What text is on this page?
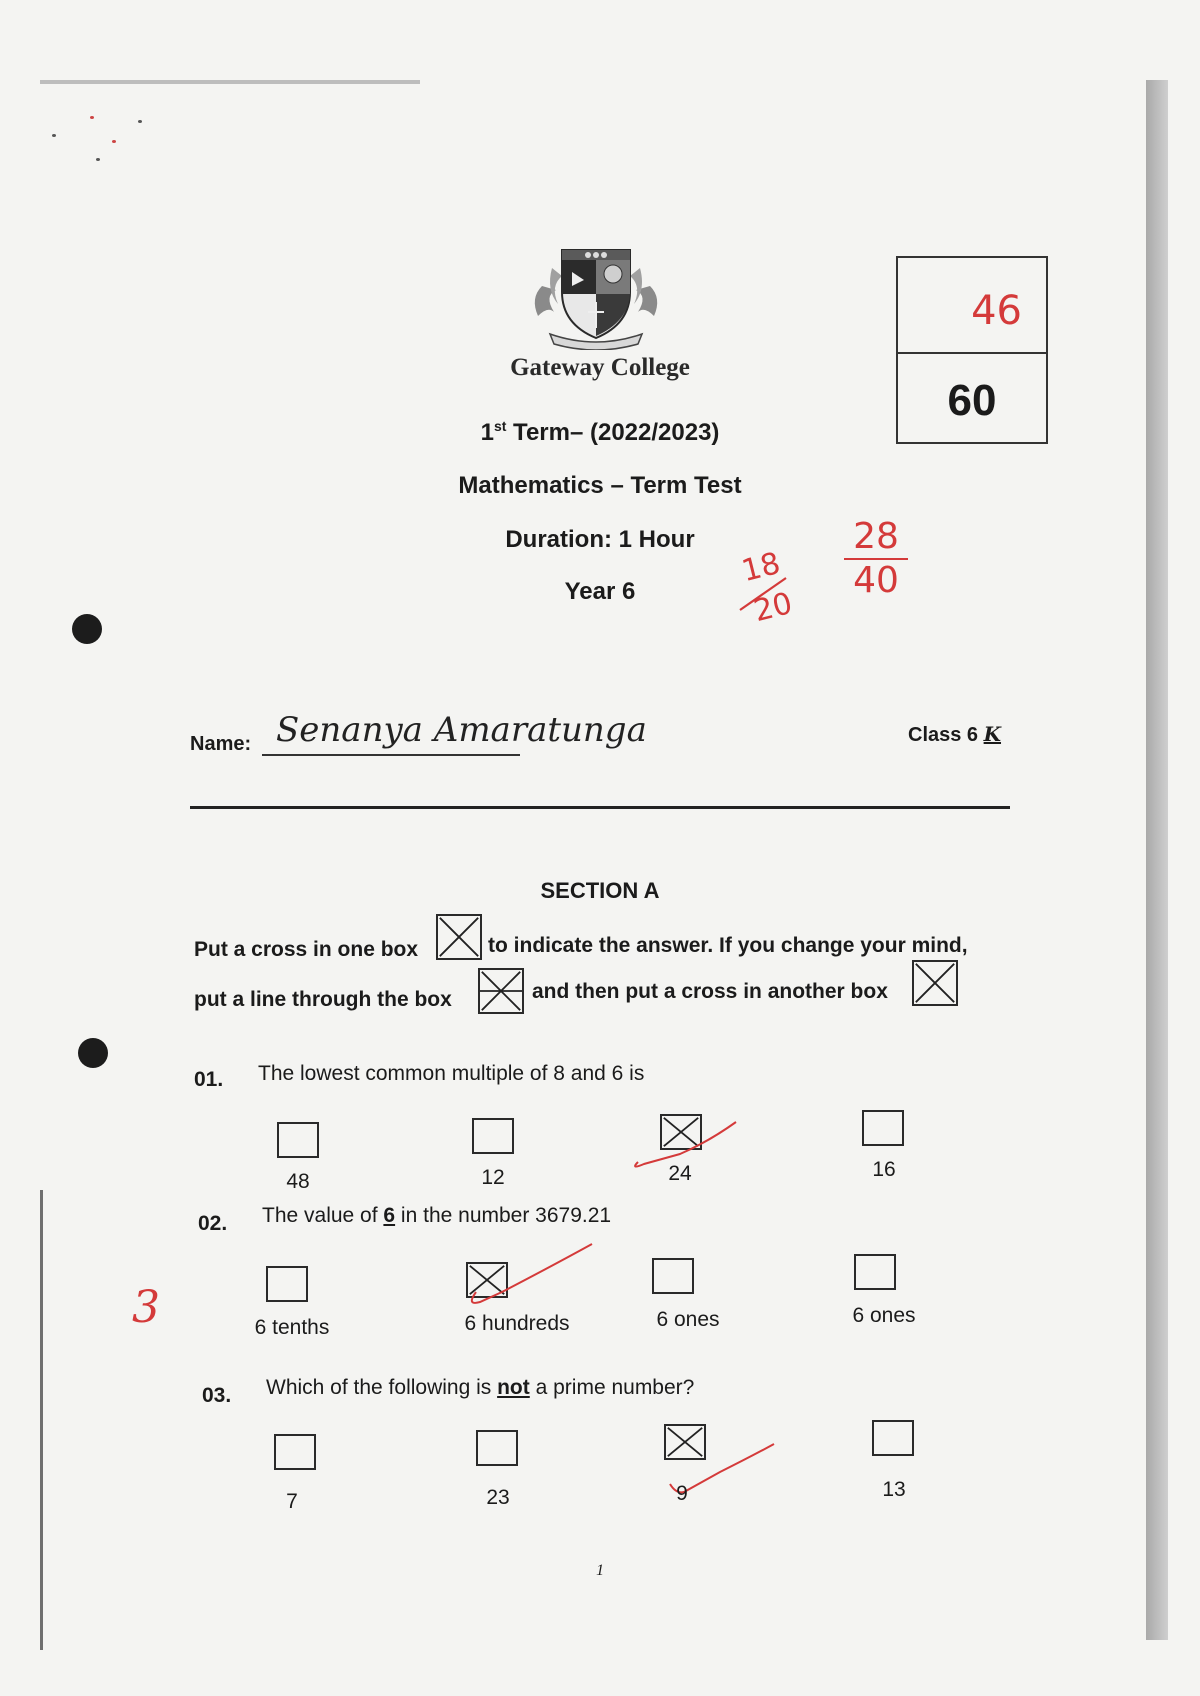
Gateway College
1st Term– (2022/2023)
Mathematics – Term Test
Duration: 1 Hour
Year 6
46
60
18
20
28
40
Name: Senanya Amaratunga	Class 6 K
SECTION A
Put a cross in one box	to indicate the answer. If you change your mind,
put a line through the box	and then put a cross in another box
01. The lowest common multiple of 8 and 6 is
48	12	24	16
02. The value of 6 in the number 3679.21
3	6 tenths	6 hundreds	6 ones	6 ones
03. Which of the following is not a prime number?
7	23	9	13
1
